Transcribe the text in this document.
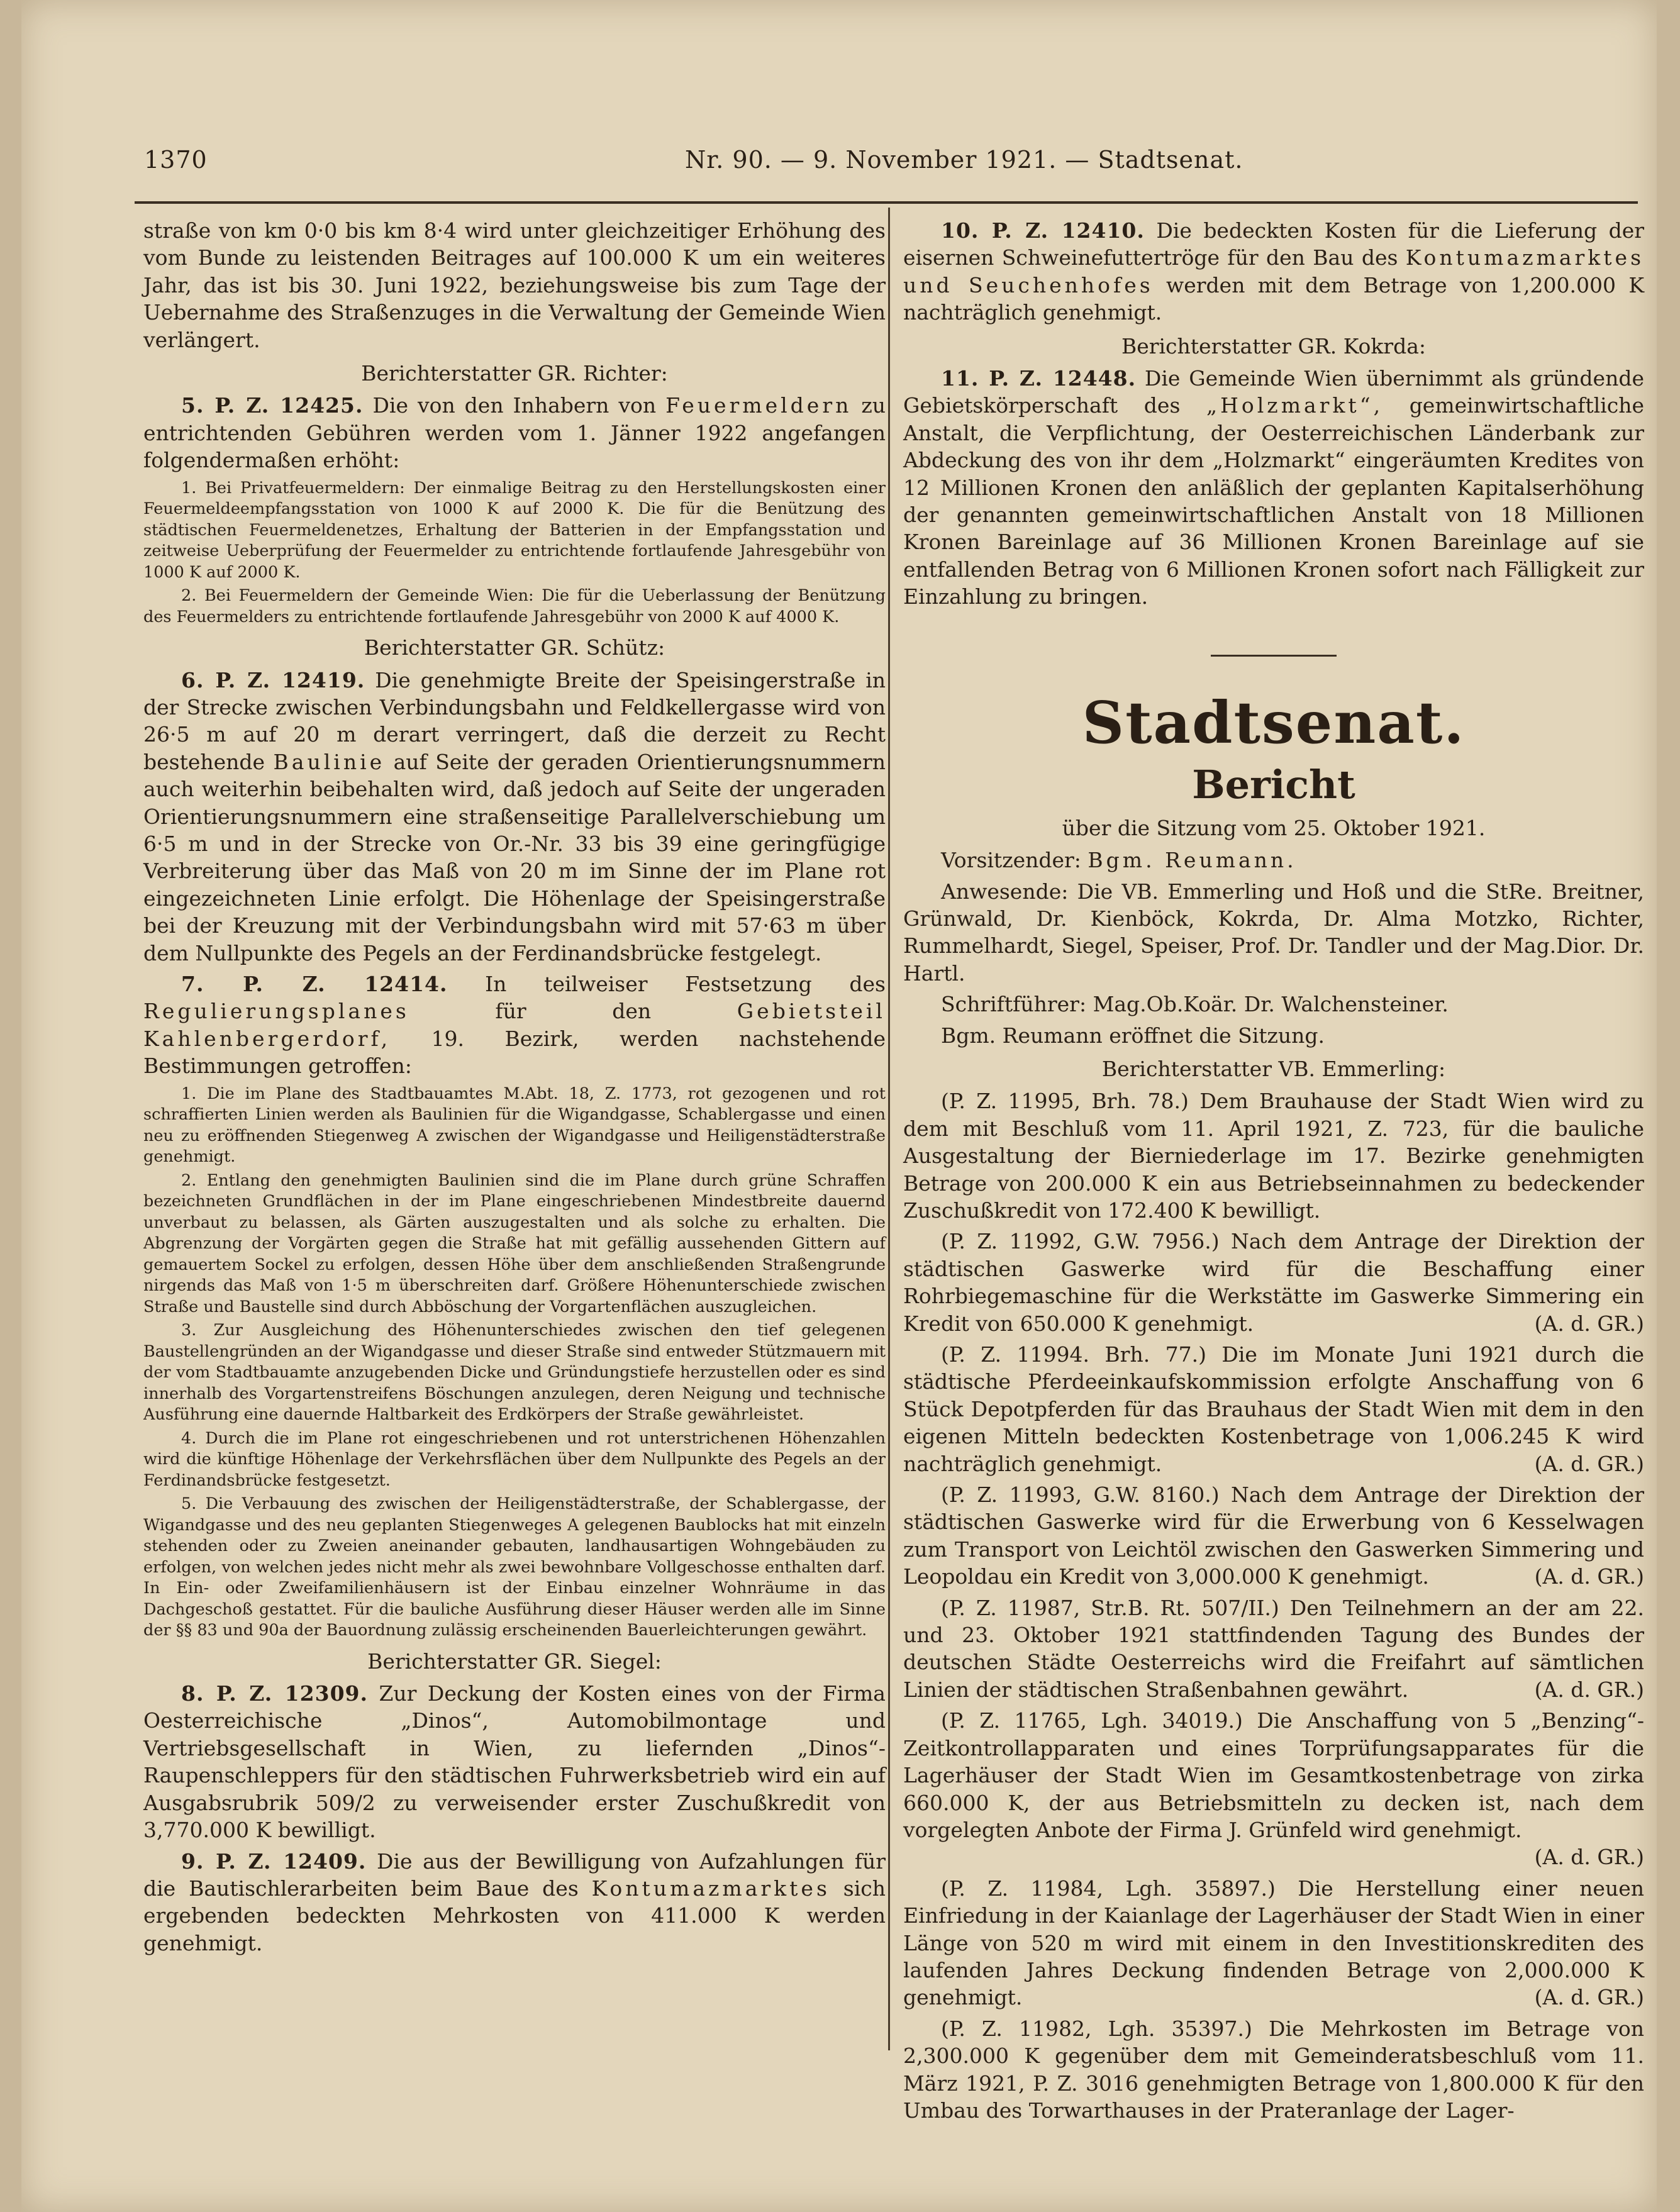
1370	Nr. 90. — 9. November 1921. — Stadtsenat.

straße von km 0·0 bis km 8·4 wird unter gleichzeitiger Erhöhung des vom Bunde zu leistenden Beitrages auf 100.000 K um ein weiteres Jahr, das ist bis 30. Juni 1922, beziehungsweise bis zum Tage der Uebernahme des Straßenzuges in die Verwaltung der Gemeinde Wien verlängert.

Berichterstatter GR. Richter:

5. P. Z. 12425. Die von den Inhabern von Feuermeldern zu entrichtenden Gebühren werden vom 1. Jänner 1922 angefangen folgendermaßen erhöht:

1. Bei Privatfeuermeldern: Der einmalige Beitrag zu den Herstellungskosten einer Feuermeldeempfangsstation von 1000 K auf 2000 K. Die für die Benützung des städtischen Feuermeldenetzes, Erhaltung der Batterien in der Empfangsstation und zeitweise Ueberprüfung der Feuermelder zu entrichtende fortlaufende Jahresgebühr von 1000 K auf 2000 K.

2. Bei Feuermeldern der Gemeinde Wien: Die für die Ueberlassung der Benützung des Feuermelders zu entrichtende fortlaufende Jahresgebühr von 2000 K auf 4000 K.

Berichterstatter GR. Schütz:

6. P. Z. 12419. Die genehmigte Breite der Speisingerstraße in der Strecke zwischen Verbindungsbahn und Feldkellergasse wird von 26·5 m auf 20 m derart verringert, daß die derzeit zu Recht bestehende Baulinie auf Seite der geraden Orientierungsnummern auch weiterhin beibehalten wird, daß jedoch auf Seite der ungeraden Orientierungsnummern eine straßenseitige Parallelverschiebung um 6·5 m und in der Strecke von Or.-Nr. 33 bis 39 eine geringfügige Verbreiterung über das Maß von 20 m im Sinne der im Plane rot eingezeichneten Linie erfolgt. Die Höhenlage der Speisingerstraße bei der Kreuzung mit der Verbindungsbahn wird mit 57·63 m über dem Nullpunkte des Pegels an der Ferdinandsbrücke festgelegt.

7. P. Z. 12414. In teilweiser Festsetzung des Regulierungsplanes	für den	Gebietsteil Kahlenbergerdorf, 19. Bezirk, werden nachstehende Bestimmungen getroffen:

1. Die im Plane des Stadtbauamtes M.Abt. 18, Z. 1773, rot gezogenen und rot schraffierten Linien werden als Baulinien für die Wigandgasse, Schablergasse und einen neu zu eröffnenden Stiegenweg A zwischen der Wigandgasse und Heiligenstädterstraße genehmigt.

2. Entlang den genehmigten Baulinien sind die im Plane durch grüne Schraffen bezeichneten Grundflächen in der im Plane eingeschriebenen Mindestbreite dauernd unverbaut zu belassen, als Gärten auszugestalten und als solche zu erhalten. Die Abgrenzung der Vorgärten gegen die Straße hat mit gefällig aussehenden Gittern auf gemauertem Sockel zu erfolgen, dessen Höhe über dem anschließenden Straßengrunde nirgends das Maß von 1·5 m überschreiten darf. Größere Höhenunterschiede zwischen Straße und Baustelle sind durch Abböschung der Vorgartenflächen auszugleichen.

3. Zur Ausgleichung des Höhenunterschiedes zwischen den tief gelegenen Baustellengründen an der Wigandgasse und dieser Straße sind entweder Stützmauern mit der vom Stadtbauamte anzugebenden Dicke und Gründungstiefe herzustellen oder es sind innerhalb des Vorgartenstreifens Böschungen anzulegen, deren Neigung und technische Ausführung eine dauernde Haltbarkeit des Erdkörpers der Straße gewährleistet.

4. Durch die im Plane rot eingeschriebenen und rot unterstrichenen Höhenzahlen wird die künftige Höhenlage der Verkehrsflächen über dem Nullpunkte des Pegels an der Ferdinandsbrücke festgesetzt.

5. Die Verbauung des zwischen der Heiligenstädterstraße, der Schablergasse, der Wigandgasse und des neu geplanten Stiegenweges A gelegenen Baublocks hat mit einzeln stehenden oder zu Zweien aneinander gebauten, landhausartigen Wohngebäuden zu erfolgen, von welchen jedes nicht mehr als zwei bewohnbare Vollgeschosse enthalten darf. In Ein- oder Zweifamilienhäusern ist der Einbau einzelner Wohnräume in das Dachgeschoß gestattet. Für die bauliche Ausführung dieser Häuser werden alle im Sinne der §§ 83 und 90a der Bauordnung zulässig erscheinenden Bauerleichterungen gewährt.

Berichterstatter GR. Siegel:

8. P. Z. 12309. Zur Deckung der Kosten eines von der Firma Oesterreichische „Dinos“, Automobilmontage und Vertriebsgesellschaft in Wien, zu liefernden „Dinos“-Raupenschleppers für den städtischen Fuhrwerksbetrieb wird ein auf Ausgabsrubrik 509/2 zu verweisender erster Zuschußkredit von 3,770.000 K bewilligt.

9. P. Z. 12409. Die aus der Bewilligung von Aufzahlungen für die Bautischlerarbeiten beim Baue des Kontumazmarktes sich ergebenden bedeckten Mehrkosten von 411.000 K werden genehmigt.

10. P. Z. 12410. Die bedeckten Kosten für die Lieferung der eisernen Schweinefuttertröge für den Bau des Kontumazmarktes und Seuchenhofes werden mit dem Betrage von 1,200.000 K nachträglich genehmigt.

Berichterstatter GR. Kokrda:

11. P. Z. 12448. Die Gemeinde Wien übernimmt als gründende Gebietskörperschaft des „Holzmarkt“, gemeinwirtschaftliche Anstalt, die Verpflichtung, der Oesterreichischen Länderbank zur Abdeckung des von ihr dem „Holzmarkt“ eingeräumten Kredites von 12 Millionen Kronen den anläßlich der geplanten Kapitalserhöhung der genannten gemeinwirtschaftlichen Anstalt von 18 Millionen Kronen Bareinlage auf 36 Millionen Kronen Bareinlage auf sie entfallenden Betrag von 6 Millionen Kronen sofort nach Fälligkeit zur Einzahlung zu bringen.

Stadtsenat.

Bericht

über die Sitzung vom 25. Oktober 1921.

Vorsitzender: Bgm. Reumann.

Anwesende: Die VB. Emmerling und Hoß und die StRe. Breitner, Grünwald, Dr. Kienböck, Kokrda, Dr. Alma Motzko, Richter, Rummelhardt, Siegel, Speiser, Prof. Dr. Tandler und der Mag.Dior. Dr. Hartl.

Schriftführer: Mag.Ob.Koär. Dr. Walchensteiner.

Bgm. Reumann eröffnet die Sitzung.

Berichterstatter VB. Emmerling:

(P. Z. 11995, Brh. 78.) Dem Brauhause der Stadt Wien wird zu dem mit Beschluß vom 11. April 1921, Z. 723, für die bauliche Ausgestaltung der Bierniederlage im 17. Bezirke genehmigten Betrage von 200.000 K ein aus Betriebseinnahmen zu bedeckender Zuschußkredit von 172.400 K bewilligt.

(P. Z. 11992, G.W. 7956.) Nach dem Antrage der Direktion der städtischen Gaswerke wird für die Beschaffung einer Rohrbiegemaschine für die Werkstätte im Gaswerke Simmering ein Kredit von 650.000 K genehmigt.	(A. d. GR.)

(P. Z. 11994. Brh. 77.) Die im Monate Juni 1921 durch die städtische Pferdeeinkaufskommission erfolgte Anschaffung von 6 Stück Depotpferden für das Brauhaus der Stadt Wien mit dem in den eigenen Mitteln bedeckten Kostenbetrage von 1,006.245 K wird nachträglich genehmigt.	(A. d. GR.)

(P. Z. 11993, G.W. 8160.) Nach dem Antrage der Direktion der städtischen Gaswerke wird für die Erwerbung von 6 Kesselwagen zum Transport von Leichtöl zwischen den Gaswerken Simmering und Leopoldau ein Kredit von 3,000.000 K genehmigt.	(A. d. GR.)

(P. Z. 11987, Str.B. Rt. 507/II.) Den Teilnehmern an der am 22. und 23. Oktober 1921 stattfindenden Tagung des Bundes der deutschen Städte Oesterreichs wird die Freifahrt auf sämtlichen Linien der städtischen Straßenbahnen gewährt.	(A. d. GR.)

(P. Z. 11765, Lgh. 34019.) Die Anschaffung von 5 „Benzing“-Zeitkontrollapparaten und eines Torprüfungsapparates für die Lagerhäuser der Stadt Wien im Gesamtkostenbetrage von zirka 660.000 K, der aus Betriebsmitteln zu decken ist, nach dem vorgelegten Anbote der Firma J. Grünfeld wird genehmigt.
(A. d. GR.)

(P. Z. 11984, Lgh. 35897.) Die Herstellung einer neuen Einfriedung in der Kaianlage der Lagerhäuser der Stadt Wien in einer Länge von 520 m wird mit einem in den Investitionskrediten des laufenden Jahres Deckung findenden Betrage von 2,000.000 K genehmigt.	(A. d. GR.)

(P. Z. 11982, Lgh. 35397.) Die Mehrkosten im Betrage von 2,300.000 K gegenüber dem mit Gemeinderatsbeschluß vom 11. März 1921, P. Z. 3016 genehmigten Betrage von 1,800.000 K für den Umbau des Torwarthauses in der Prateranlage der Lager-
